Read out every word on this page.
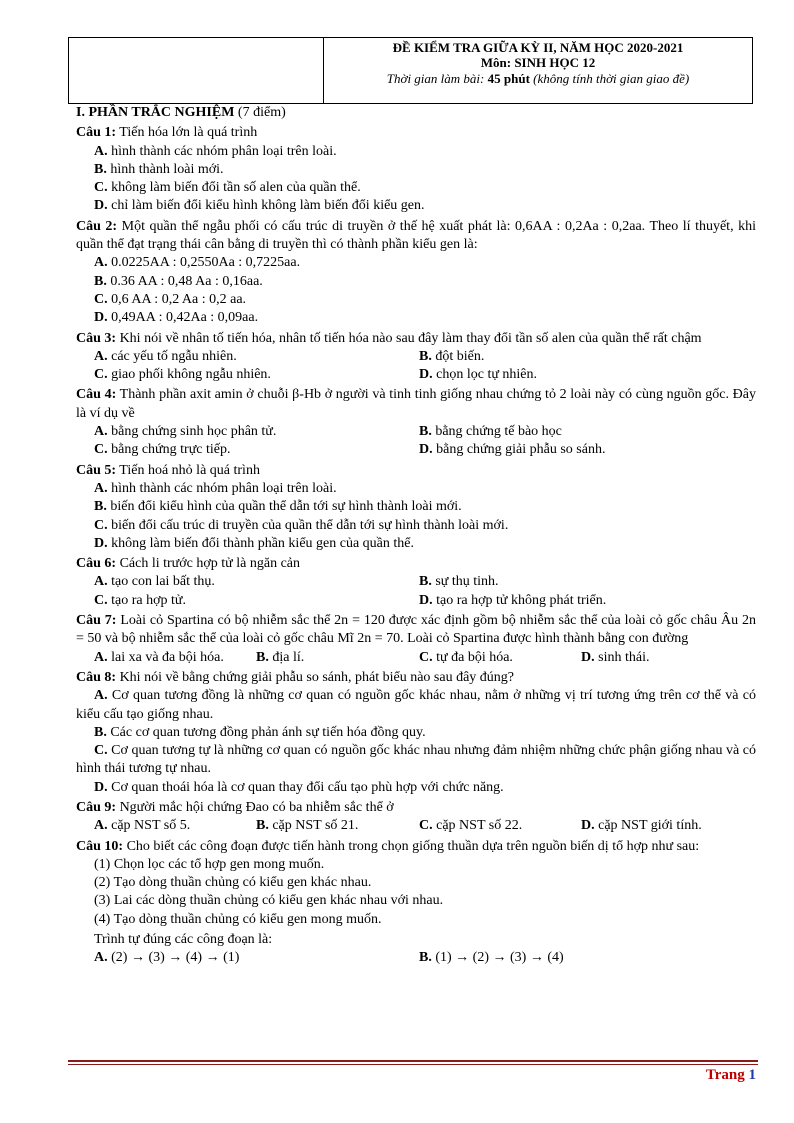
ĐỀ KIỂM TRA GIỮA KỲ II, NĂM HỌC 2020-2021
Môn: SINH HỌC 12
Thời gian làm bài: 45 phút (không tính thời gian giao đề)
I. PHẦN TRẮC NGHIỆM (7 điểm)
Câu 1: Tiến hóa lớn là quá trình
A. hình thành các nhóm phân loại trên loài.
B. hình thành loài mới.
C. không làm biến đổi tần số alen của quần thể.
D. chỉ làm biến đổi kiểu hình không làm biến đổi kiểu gen.
Câu 2: Một quần thể ngẫu phối có cấu trúc di truyền ở thế hệ xuất phát là: 0,6AA : 0,2Aa : 0,2aa. Theo lí thuyết, khi quần thể đạt trạng thái cân bằng di truyền thì có thành phần kiểu gen là:
A. 0.0225AA : 0,2550Aa : 0,7225aa.
B. 0.36 AA : 0,48 Aa : 0,16aa.
C. 0,6 AA : 0,2 Aa : 0,2 aa.
D. 0,49AA : 0,42Aa : 0,09aa.
Câu 3: Khi nói về nhân tố tiến hóa, nhân tố tiến hóa nào sau đây làm thay đổi tần số alen của quần thể rất chậm
A. các yếu tố ngẫu nhiên.	B. đột biến.
C. giao phối không ngẫu nhiên.	D. chọn lọc tự nhiên.
Câu 4: Thành phần axit amin ở chuỗi β-Hb ở người và tinh tinh giống nhau chứng tỏ 2 loài này có cùng nguồn gốc. Đây là ví dụ về
A. bằng chứng sinh học phân tử.	B. bằng chứng tế bào học
C. bằng chứng trực tiếp.	D. bằng chứng giải phẫu so sánh.
Câu 5: Tiến hoá nhỏ là quá trình
A. hình thành các nhóm phân loại trên loài.
B. biến đổi kiểu hình của quần thể dẫn tới sự hình thành loài mới.
C. biến đổi cấu trúc di truyền của quần thể dẫn tới sự hình thành loài mới.
D. không làm biến đổi thành phần kiểu gen của quần thể.
Câu 6: Cách li trước hợp tử là ngăn cản
A. tạo con lai bất thụ.	B. sự thụ tinh.
C. tạo ra hợp tử.	D. tạo ra hợp tử không phát triển.
Câu 7: Loài cỏ Spartina có bộ nhiễm sắc thể 2n = 120 được xác định gồm bộ nhiễm sắc thể của loài cỏ gốc châu Âu 2n = 50 và bộ nhiễm sắc thể của loài cỏ gốc châu Mĩ 2n = 70. Loài cỏ Spartina được hình thành bằng con đường
A. lai xa và đa bội hóa.	B. địa lí.	C. tự đa bội hóa.	D. sinh thái.
Câu 8: Khi nói về bằng chứng giải phẫu so sánh, phát biểu nào sau đây đúng?
A. Cơ quan tương đồng là những cơ quan có nguồn gốc khác nhau, nằm ở những vị trí tương ứng trên cơ thể và có kiểu cấu tạo giống nhau.
B. Các cơ quan tương đồng phản ánh sự tiến hóa đồng quy.
C. Cơ quan tương tự là những cơ quan có nguồn gốc khác nhau nhưng đảm nhiệm những chức phận giống nhau và có hình thái tương tự nhau.
D. Cơ quan thoái hóa là cơ quan thay đổi cấu tạo phù hợp với chức năng.
Câu 9: Người mắc hội chứng Đao có ba nhiễm sắc thể ở
A. cặp NST số 5.	B. cặp NST số 21.	C. cặp NST số 22.	D. cặp NST giới tính.
Câu 10: Cho biết các công đoạn được tiến hành trong chọn giống thuần dựa trên nguồn biến dị tổ hợp như sau:
(1) Chọn lọc các tổ hợp gen mong muốn.
(2) Tạo dòng thuần chủng có kiểu gen khác nhau.
(3) Lai các dòng thuần chủng có kiểu gen khác nhau với nhau.
(4) Tạo dòng thuần chủng có kiểu gen mong muốn.
Trình tự đúng các công đoạn là:
A. (2) → (3) → (4) → (1)	B. (1) → (2) → (3) → (4)
Trang 1
